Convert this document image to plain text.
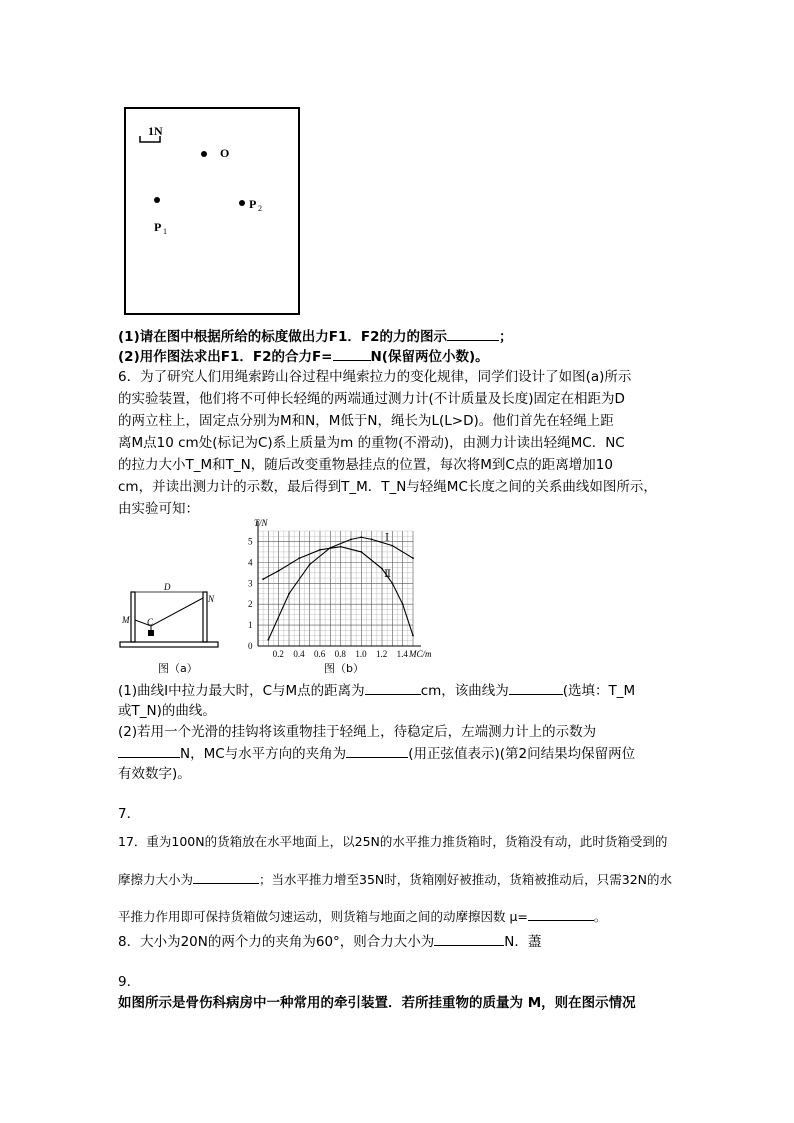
1N
O
P 1
P 2
(1)请在图中根据所给的标度做出力F1．F2的力的图示	；
(2)用作图法求出F1．F2的合力F=	N(保留两位小数)。
6．为了研究人们用绳索跨山谷过程中绳索拉力的变化规律，同学们设计了如图(a)所示
的实验装置，他们将不可伸长轻绳的两端通过测力计(不计质量及长度)固定在相距为D
的两立柱上，固定点分别为M和N，M低于N，绳长为L(L>D)。他们首先在轻绳上距
离M点10 cm处(标记为C)系上质量为m 的重物(不滑动)，由测力计读出轻绳MC．NC
的拉力大小T_M和T_N，随后改变重物悬挂点的位置，每次将M到C点的距离增加10
cm，并读出测力计的示数，最后得到T_M．T_N与轻绳MC长度之间的关系曲线如图所示，
由实验可知：
D
N
M C
图（a）
0.2 0.4 0.6 0.8 1.0 1.2 1.4
0
1
2
3
4
5
T/N
MC/m
Ⅰ
Ⅱ
图（b）
(1)曲线Ⅰ中拉力最大时，C与M点的距离为	cm，该曲线为	(选填：T_M
或T_N)的曲线。
(2)若用一个光滑的挂钩将该重物挂于轻绳上，待稳定后，左端测力计上的示数为
N，MC与水平方向的夹角为	(用正弦值表示)(第2问结果均保留两位
有效数字)。
7．
17．重为100N的货箱放在水平地面上，以25N的水平推力推货箱时，货箱没有动，此时货箱受到的
摩擦力大小为	；当水平推力增至35N时，货箱刚好被推动，货箱被推动后，只需32N的水
平推力作用即可保持货箱做匀速运动，则货箱与地面之间的动摩擦因数 μ=	。
8．大小为20N的两个力的夹角为60°，则合力大小为	N．藎
9．
如图所示是骨伤科病房中一种常用的牵引装置．若所挂重物的质量为 M，则在图示情况
